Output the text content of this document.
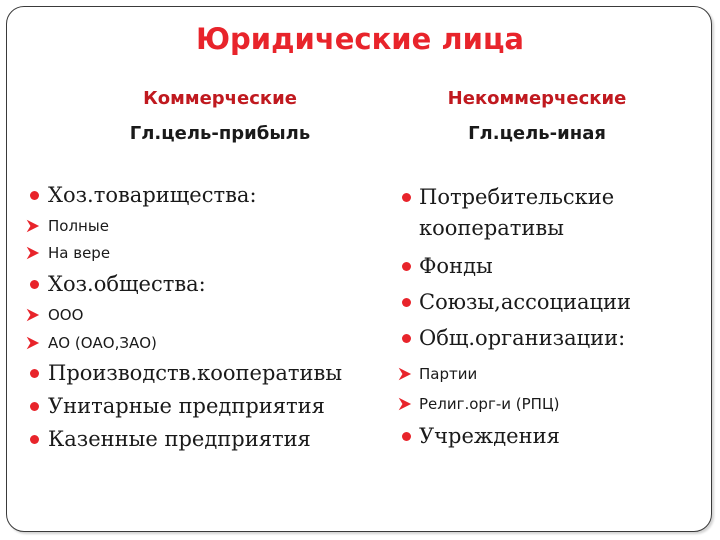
Юридические лица
Коммерческие
Гл.цель-прибыль
Некоммерческие
Гл.цель-иная
Хоз.товарищества:
Полные
На вере
Хоз.общества:
ООО
АО (ОАО,ЗАО)
Производств.кооперативы
Унитарные предприятия
Казенные предприятия
Потребительские
кооперативы
Фонды
Союзы,ассоциации
Общ.организации:
Партии
Религ.орг-и (РПЦ)
Учреждения
